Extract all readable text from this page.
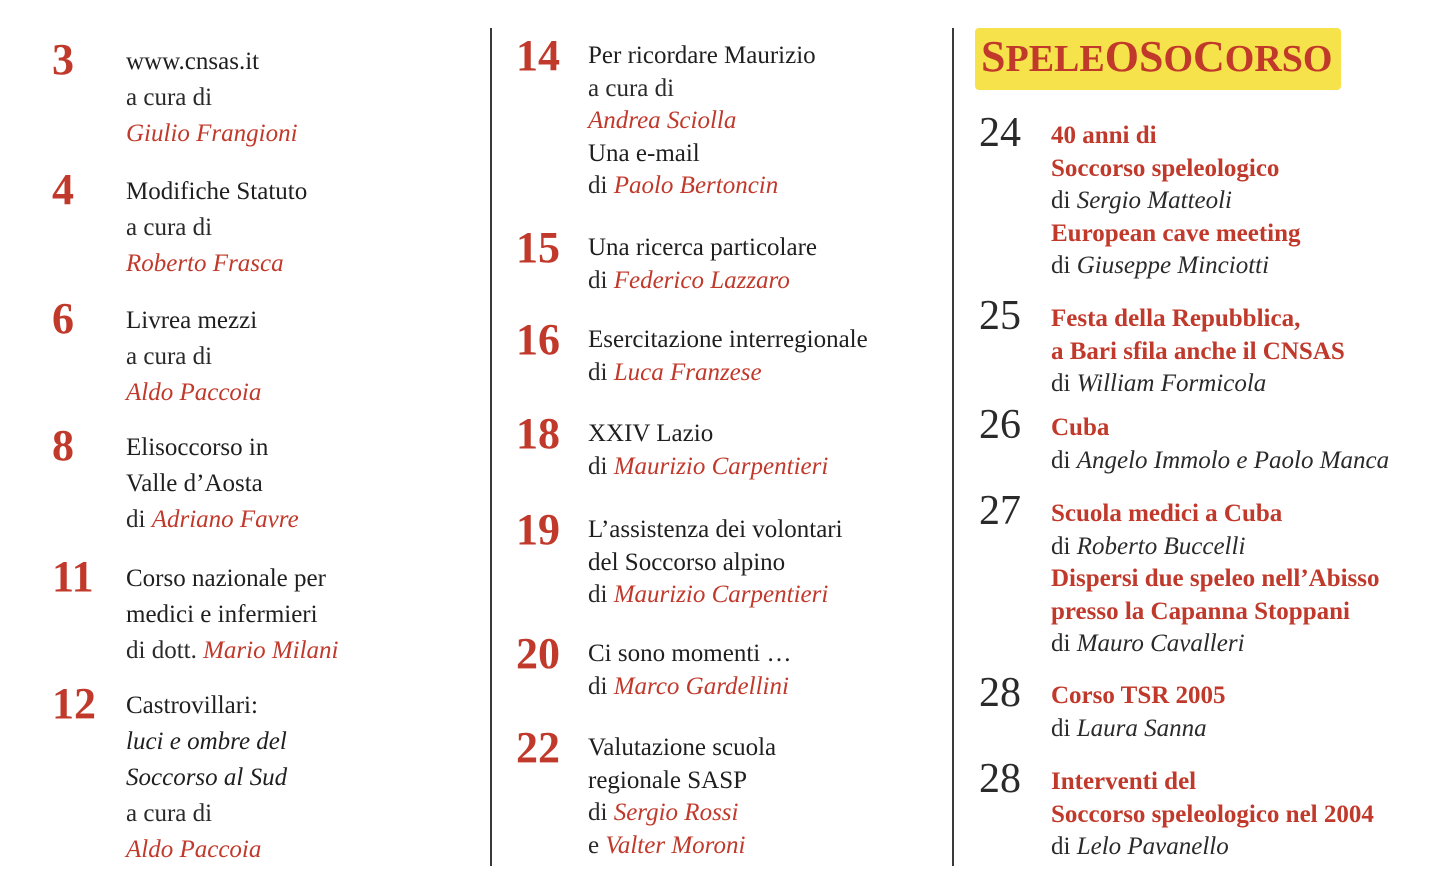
3 www.cnsas.it
a cura di
Giulio Frangioni
4 Modifiche Statuto
a cura di
Roberto Frasca
6 Livrea mezzi
a cura di
Aldo Paccoia
8 Elisoccorso in
Valle d’Aosta
di Adriano Favre
11 Corso nazionale per
medici e infermieri
di dott. Mario Milani
12 Castrovillari:
luci e ombre del
Soccorso al Sud
a cura di
Aldo Paccoia
14 Per ricordare Maurizio
a cura di
Andrea Sciolla
Una e-mail
di Paolo Bertoncin
15 Una ricerca particolare
di Federico Lazzaro
16 Esercitazione interregionale
di Luca Franzese
18 XXIV Lazio
di Maurizio Carpentieri
19 L’assistenza dei volontari
del Soccorso alpino
di Maurizio Carpentieri
20 Ci sono momenti …
di Marco Gardellini
22 Valutazione scuola
regionale SASP
di Sergio Rossi
e Valter Moroni
SPELEOSOCORSO
24 40 anni di
Soccorso speleologico
di Sergio Matteoli
European cave meeting
di Giuseppe Minciotti
25 Festa della Repubblica,
a Bari sfila anche il CNSAS
di William Formicola
26 Cuba
di Angelo Immolo e Paolo Manca
27 Scuola medici a Cuba
di Roberto Buccelli
Dispersi due speleo nell’Abisso
presso la Capanna Stoppani
di Mauro Cavalleri
28 Corso TSR 2005
di Laura Sanna
28 Interventi del
Soccorso speleologico nel 2004
di Lelo Pavanello
